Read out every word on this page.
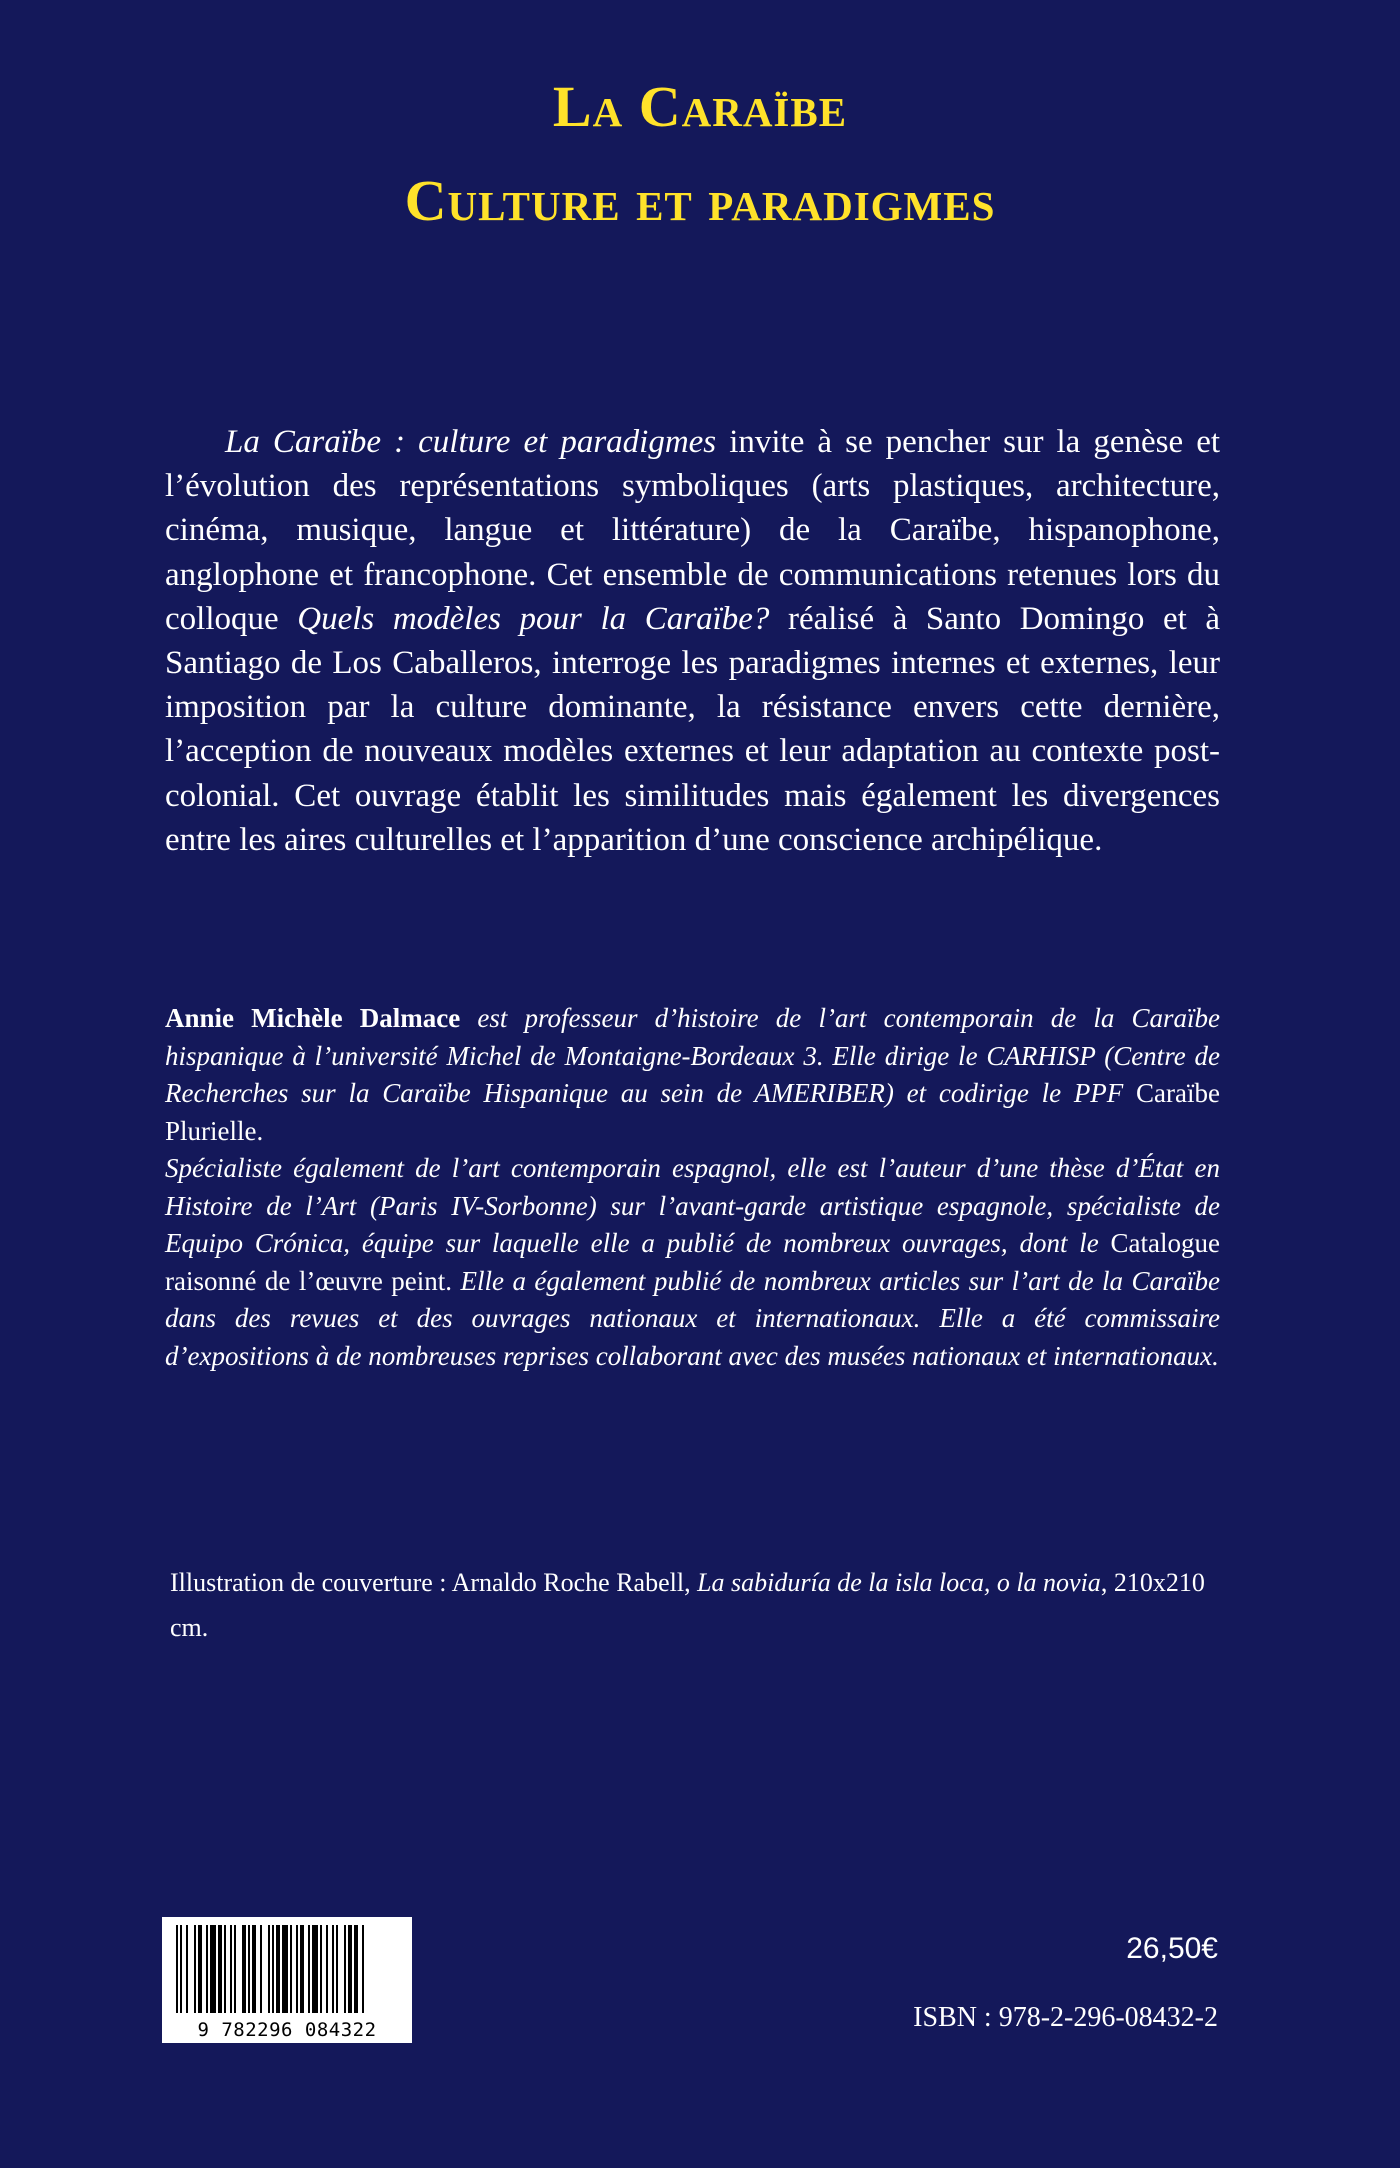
La Caraïbe
Culture et paradigmes

La Caraïbe : culture et paradigmes invite à se pencher sur la genèse et l’évolution des représentations symboliques (arts plastiques, architecture, cinéma, musique, langue et littérature) de la Caraïbe, hispanophone, anglophone et francophone. Cet ensemble de communications retenues lors du colloque Quels modèles pour la Caraïbe? réalisé à Santo Domingo et à Santiago de Los Caballeros, interroge les paradigmes internes et externes, leur imposition par la culture dominante, la résistance envers cette dernière, l’acception de nouveaux modèles externes et leur adaptation au contexte post-colonial. Cet ouvrage établit les similitudes mais également les divergences entre les aires culturelles et l’apparition d’une conscience archipélique.

Annie Michèle Dalmace est professeur d’histoire de l’art contemporain de la Caraïbe hispanique à l’université Michel de Montaigne-Bordeaux 3. Elle dirige le CARHISP (Centre de Recherches sur la Caraïbe Hispanique au sein de AMERIBER) et codirige le PPF Caraïbe Plurielle.
Spécialiste également de l’art contemporain espagnol, elle est l’auteur d’une thèse d’État en Histoire de l’Art (Paris IV-Sorbonne) sur l’avant-garde artistique espagnole, spécialiste de Equipo Crónica, équipe sur laquelle elle a publié de nombreux ouvrages, dont le Catalogue raisonné de l’œuvre peint. Elle a également publié de nombreux articles sur l’art de la Caraïbe dans des revues et des ouvrages nationaux et internationaux. Elle a été commissaire d’expositions à de nombreuses reprises collaborant avec des musées nationaux et internationaux.

Illustration de couverture : Arnaldo Roche Rabell, La sabiduría de la isla loca, o la novia, 210x210 cm.

9 782296 084322
26,50€
ISBN : 978-2-296-08432-2
